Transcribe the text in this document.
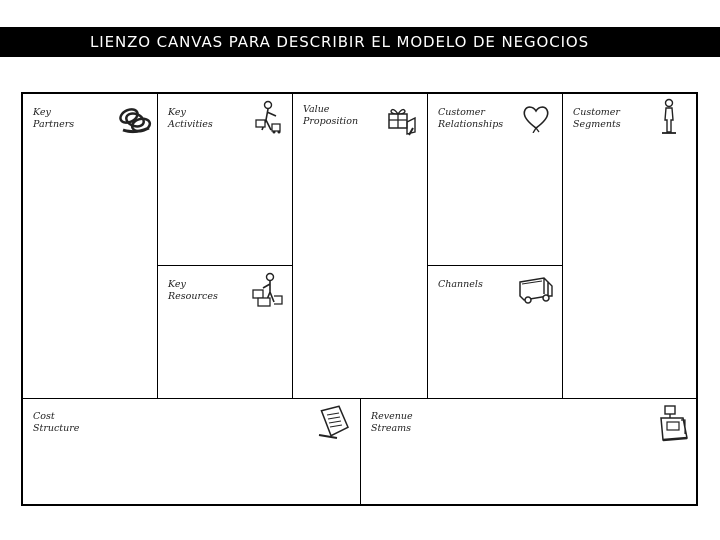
LIENZO CANVAS PARA DESCRIBIR EL MODELO DE NEGOCIOS
Key
Partners
Key
Activities
Value
Proposition
Customer
Relationships
Customer
Segments
Key
Resources
Channels
Cost
Structure
Revenue
Streams
